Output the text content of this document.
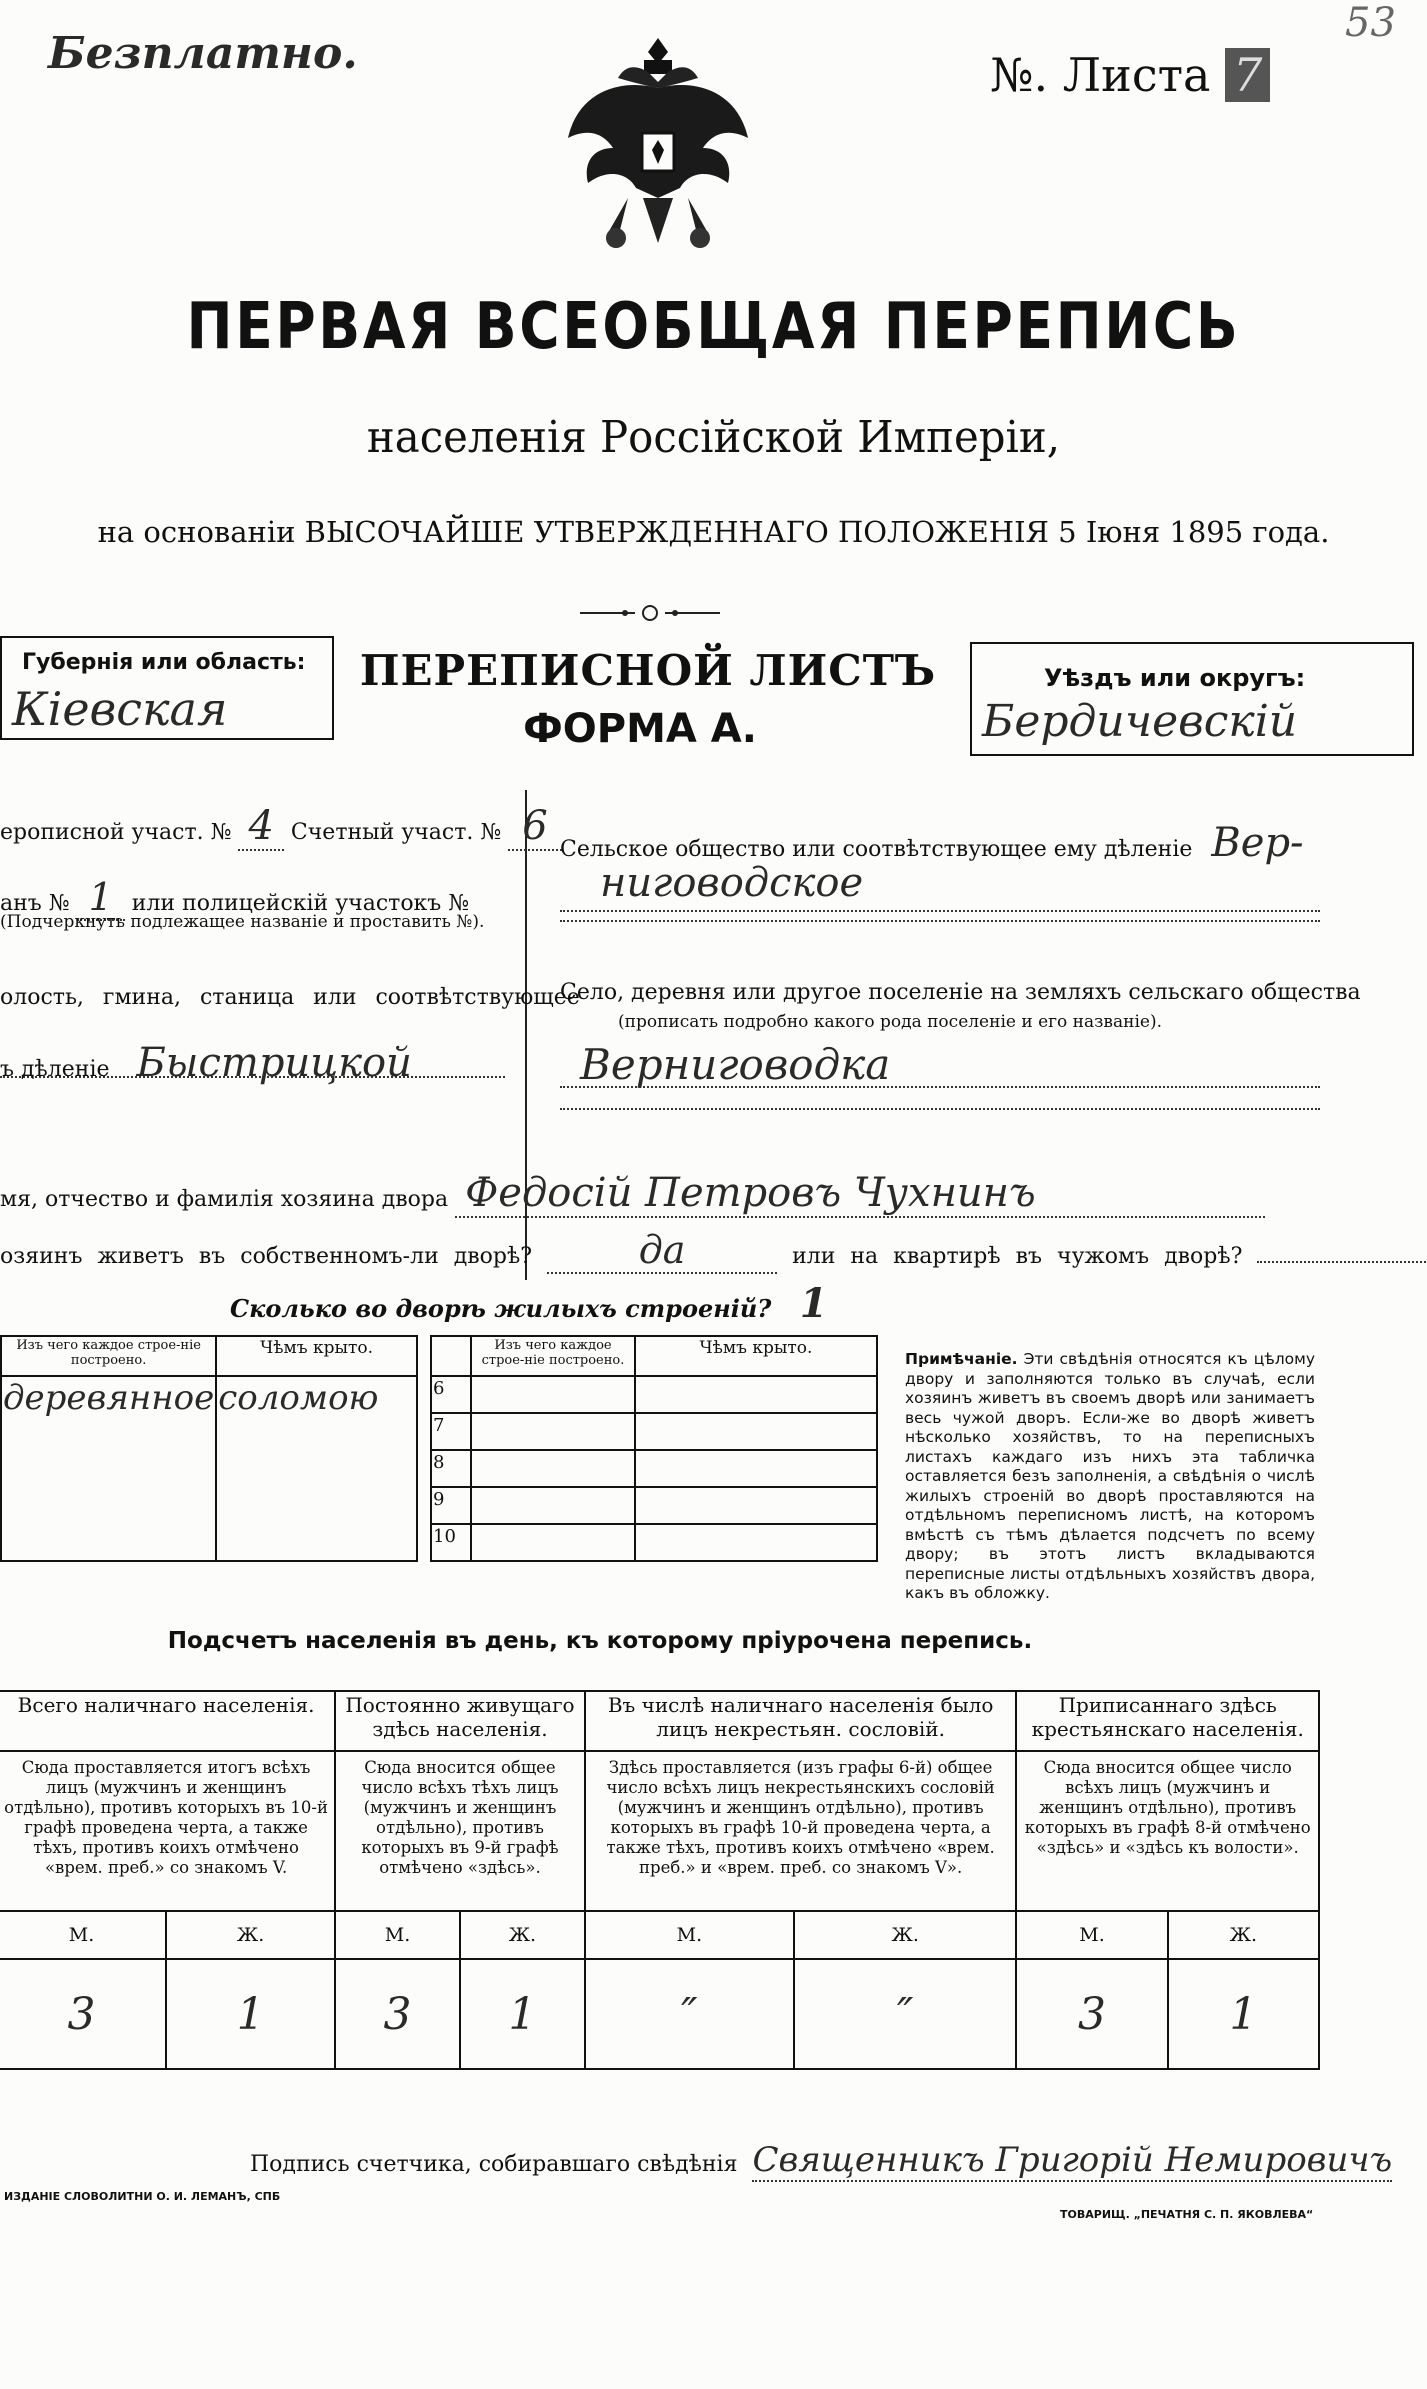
Безплатно.
53
№. Листа 7
ПЕРВАЯ ВСЕОБЩАЯ ПЕРЕПИСЬ
населенія Россійской Имперіи,
на основаніи ВЫСОЧАЙШЕ УТВЕРЖДЕННАГО ПОЛОЖЕНІЯ 5 Іюня 1895 года.
Губернія или область:
Кіевская
ПЕРЕПИСНОЙ ЛИСТЪ
ФОРМА А.
Уѣздъ или округъ:
Бердичевскій
ерописной участ. № 4 Счетный участ. № 6
анъ № 1 или полицейскій участокъ №
(Подчеркнуть подлежащее названіе и проставить №).
олость, гмина, станица или соотвѣтствующее
ъ дѣленіе Быстрицкой
Сельское общество или соотвѣтствующее ему дѣленіе Вер-
ниговодское
Село, деревня или другое поселеніе на земляхъ сельскаго общества
(прописать подробно какого рода поселеніе и его названіе).
Верниговодка
мя, отчество и фамилія хозяина двора Федосій Петровъ Чухнинъ
озяинъ живетъ въ собственномъ-ли дворѣ?	да	или на квартирѣ въ чужомъ дворѣ?
Сколько во дворѣ жилыхъ строеній? 1
Изъ чего каждое строе-ніе построено.	Чѣмъ крыто.
деревянное	соломою
	Изъ чего каждое строе-ніе построено.	Чѣмъ крыто.
6		
7		
8		
9		
10		
Примѣчаніе. Эти свѣдѣнія относятся къ цѣлому двору и заполняются только въ случаѣ, если хозяинъ живетъ въ своемъ дворѣ или занимаетъ весь чужой дворъ. Если-же во дворѣ живетъ нѣсколько хозяйствъ, то на переписныхъ листахъ каждаго изъ нихъ эта табличка оставляется безъ заполненія, а свѣдѣнія о числѣ жилыхъ строеній во дворѣ проставляются на отдѣльномъ переписномъ листѣ, на которомъ вмѣстѣ съ тѣмъ дѣлается подсчетъ по всему двору; въ этотъ листъ вкладываются переписные листы отдѣльныхъ хозяйствъ двора, какъ въ обложку.
Подсчетъ населенія въ день, къ которому пріурочена перепись.
Всего наличнаго населенія.		Постоянно живущаго здѣсь населенія.		Въ числѣ наличнаго населенія было лицъ некрестьян. сословій.		Приписаннаго здѣсь крестьянскаго населенія.	
Сюда проставляется итогъ всѣхъ лицъ (мужчинъ и женщинъ отдѣльно), противъ которыхъ въ 10-й графѣ проведена черта, а также тѣхъ, противъ коихъ отмѣчено «врем. преб.» со знакомъ V.		Сюда вносится общее число всѣхъ тѣхъ лицъ (мужчинъ и женщинъ отдѣльно), противъ которыхъ въ 9-й графѣ отмѣчено «здѣсь».		Здѣсь проставляется (изъ графы 6-й) общее число всѣхъ лицъ некрестьянскихъ сословій (мужчинъ и женщинъ отдѣльно), противъ которыхъ въ графѣ 10-й проведена черта, а также тѣхъ, противъ коихъ отмѣчено «врем. преб.» и «врем. преб. со знакомъ V».		Сюда вносится общее число всѣхъ лицъ (мужчинъ и женщинъ отдѣльно), противъ которыхъ въ графѣ 8-й отмѣчено «здѣсь» и «здѣсь къ волости».	
М.	Ж.	М.	Ж.	М.	Ж.	М.	Ж.
3	1	3	1	″	″	3	1
Подпись счетчика, собиравшаго свѣдѣнія Священникъ Григорій Немировичъ
ИЗДАНІЕ СЛОВОЛИТНИ О. И. ЛЕМАНЪ, СПБ
ТОВАРИЩ. „ПЕЧАТНЯ С. П. ЯКОВЛЕВА“
